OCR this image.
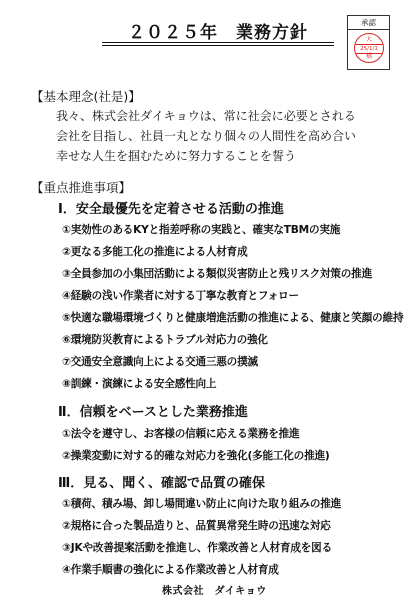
２０２５年　業務方針
承認
大
25/1/1
橋
【基本理念(社是)】
我々、株式会社ダイキョウは、常に社会に必要とされる
会社を目指し、社員一丸となり個々の人間性を高め合い
幸せな人生を掴むために努力することを誓う
【重点推進事項】
Ⅰ．安全最優先を定着させる活動の推進
①実効性のあるKYと指差呼称の実践と、確実なTBMの実施
②更なる多能工化の推進による人材育成
③全員参加の小集団活動による類似災害防止と残リスク対策の推進
④経験の浅い作業者に対する丁寧な教育とフォロー
⑤快適な職場環境づくりと健康増進活動の推進による、健康と笑顔の維持
⑥環境防災教育によるトラブル対応力の強化
⑦交通安全意識向上による交通三悪の撲滅
⑧訓練・演練による安全感性向上
Ⅱ．信頼をベースとした業務推進
①法令を遵守し、お客様の信頼に応える業務を推進
②操業変動に対する的確な対応力を強化(多能工化の推進)
Ⅲ．見る、聞く、確認で品質の確保
①積荷、積み場、卸し場間違い防止に向けた取り組みの推進
②規格に合った製品造りと、品質異常発生時の迅速な対応
③JKや改善提案活動を推進し、作業改善と人材育成を図る
④作業手順書の強化による作業改善と人材育成
株式会社　ダイキョウ
